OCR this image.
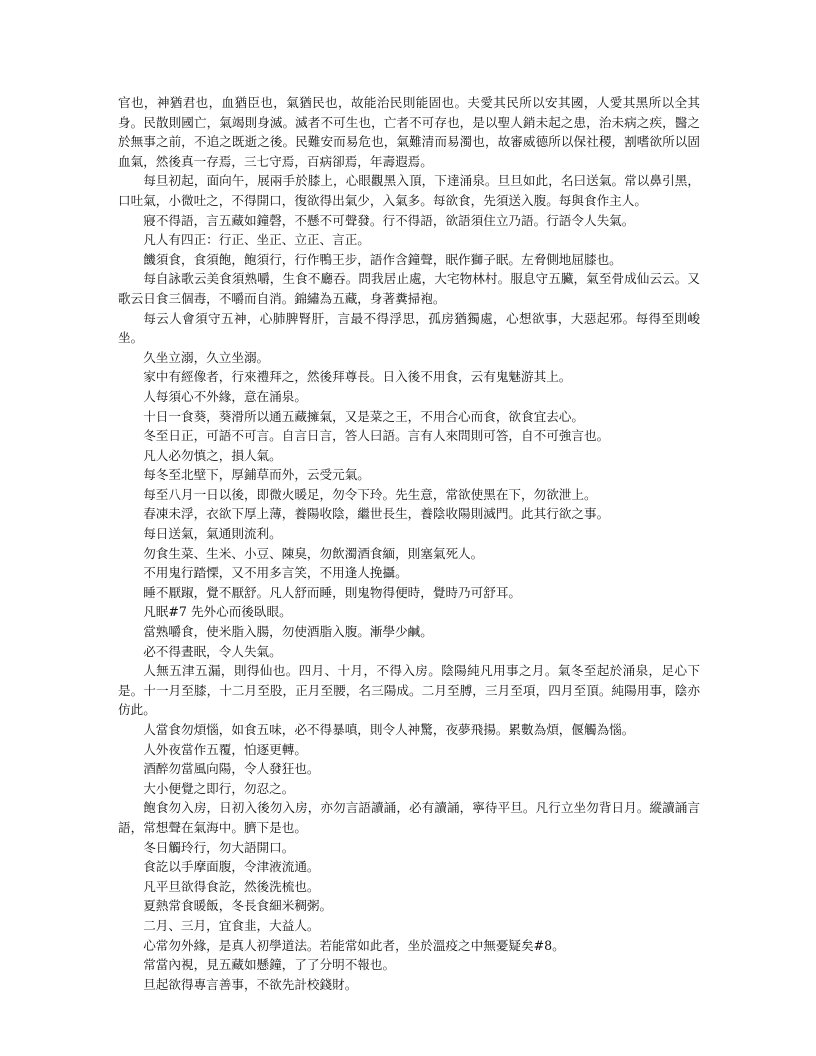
官也，神猶君也，血猶臣也，氣猶民也，故能治民則能固也。夫愛其民所以安其國，人愛其黑所以全其身。民散則國亡，氣竭則身滅。滅者不可生也，亡者不可存也，是以聖人銷未起之患，治未病之疾，醫之於無事之前，不追之既逝之後。民難安而易危也，氣難清而易濁也，故審威德所以保社稷，割嗜欲所以固血氣，然後真一存焉，三七守焉，百病卻焉，年壽遐焉。

每旦初起，面向午，展兩手於膝上，心眼觀黑入頂，下達涌泉。旦旦如此，名曰送氣。常以鼻引黑，口吐氣，小微吐之，不得開口，復欲得出氣少，入氣多。每欲食，先須送入腹。每與食作主人。

寢不得語，言五藏如鐘磬，不懸不可聲發。行不得語，欲語須住立乃語。行語令人失氣。

凡人有四正：行正、坐正、立正、言正。

饑須食，食須飽，飽須行，行作鴨王步，語作含鐘聲，眠作獅子眠。左脅側地屈膝也。

每自詠歌云美食須熟嚼，生食不廳吞。問我居止處，大宅物林村。服息守五臟，氣至骨成仙云云。又歌云日食三個毒，不嚼而自消。錦繡為五藏，身著糞掃袍。

每云人會須守五神，心肺脾腎肝，言最不得浮思，孤房猶獨處，心想欲事，大惡起邪。每得至則峻坐。

久坐立溺，久立坐溺。

家中有經像者，行來禮拜之，然後拜尊長。日入後不用食，云有鬼魅游其上。

人每須心不外緣，意在涌泉。

十日一食葵，葵滑所以通五藏擁氣，又是菜之王，不用合心而食，欲食宜去心。

冬至日正，可語不可言。自言日言，答人曰語。言有人來問則可答，自不可強言也。

凡人必勿慎之，損人氣。

每冬至北壁下，厚鋪草而外，云受元氣。

每至八月一日以後，即微火暖足，勿令下玲。先生意，常欲使黑在下，勿欲泄上。

春凍未浮，衣欲下厚上薄，養陽收陰，繼世長生，養陰收陽則滅門。此其行欲之事。

每日送氣，氣通則流利。

勿食生菜、生米、小豆、陳臭，勿飲濁酒食緬，則塞氣死人。

不用鬼行踏慄，又不用多言笑，不用逢人挽攝。

睡不厭踧，覺不厭舒。凡人舒而睡，則鬼物得便時，覺時乃可舒耳。

凡眠#7 先外心而後臥眼。

當熟嚼食，使米脂入腸，勿使酒脂入腹。漸學少鹹。

必不得晝眠，令人失氣。

人無五津五漏，則得仙也。四月、十月，不得入房。陰陽純凡用事之月。氣冬至起於涌泉，足心下是。十一月至膝，十二月至股，正月至腰，名三陽成。二月至膊，三月至項，四月至頂。純陽用事，陰亦仿此。

人當食勿煩惱，如食五味，必不得暴嗔，則令人神驚，夜夢飛揚。累數為煩，偃觸為惱。

人外夜當作五覆，怕逐更轉。

酒醉勿當風向陽，令人發狂也。

大小便覺之即行，勿忍之。

飽食勿入房，日初入後勿入房，亦勿言語讀誦，必有讀誦，寧待平旦。凡行立坐勿背日月。縱讀誦言語，常想聲在氣海中。臍下是也。

冬日觸玲行，勿大語開口。

食訖以手摩面腹，令津液流通。

凡平旦欲得食訖，然後洗梳也。

夏熱常食暖飯，冬長食細米稠粥。

二月、三月，宜食韭，大益人。

心常勿外緣，是真人初學道法。若能常如此者，坐於溫疫之中無憂疑矣#8。

常當內視，見五藏如懸鐘，了了分明不報也。

旦起欲得專言善事，不欲先計校錢財。
